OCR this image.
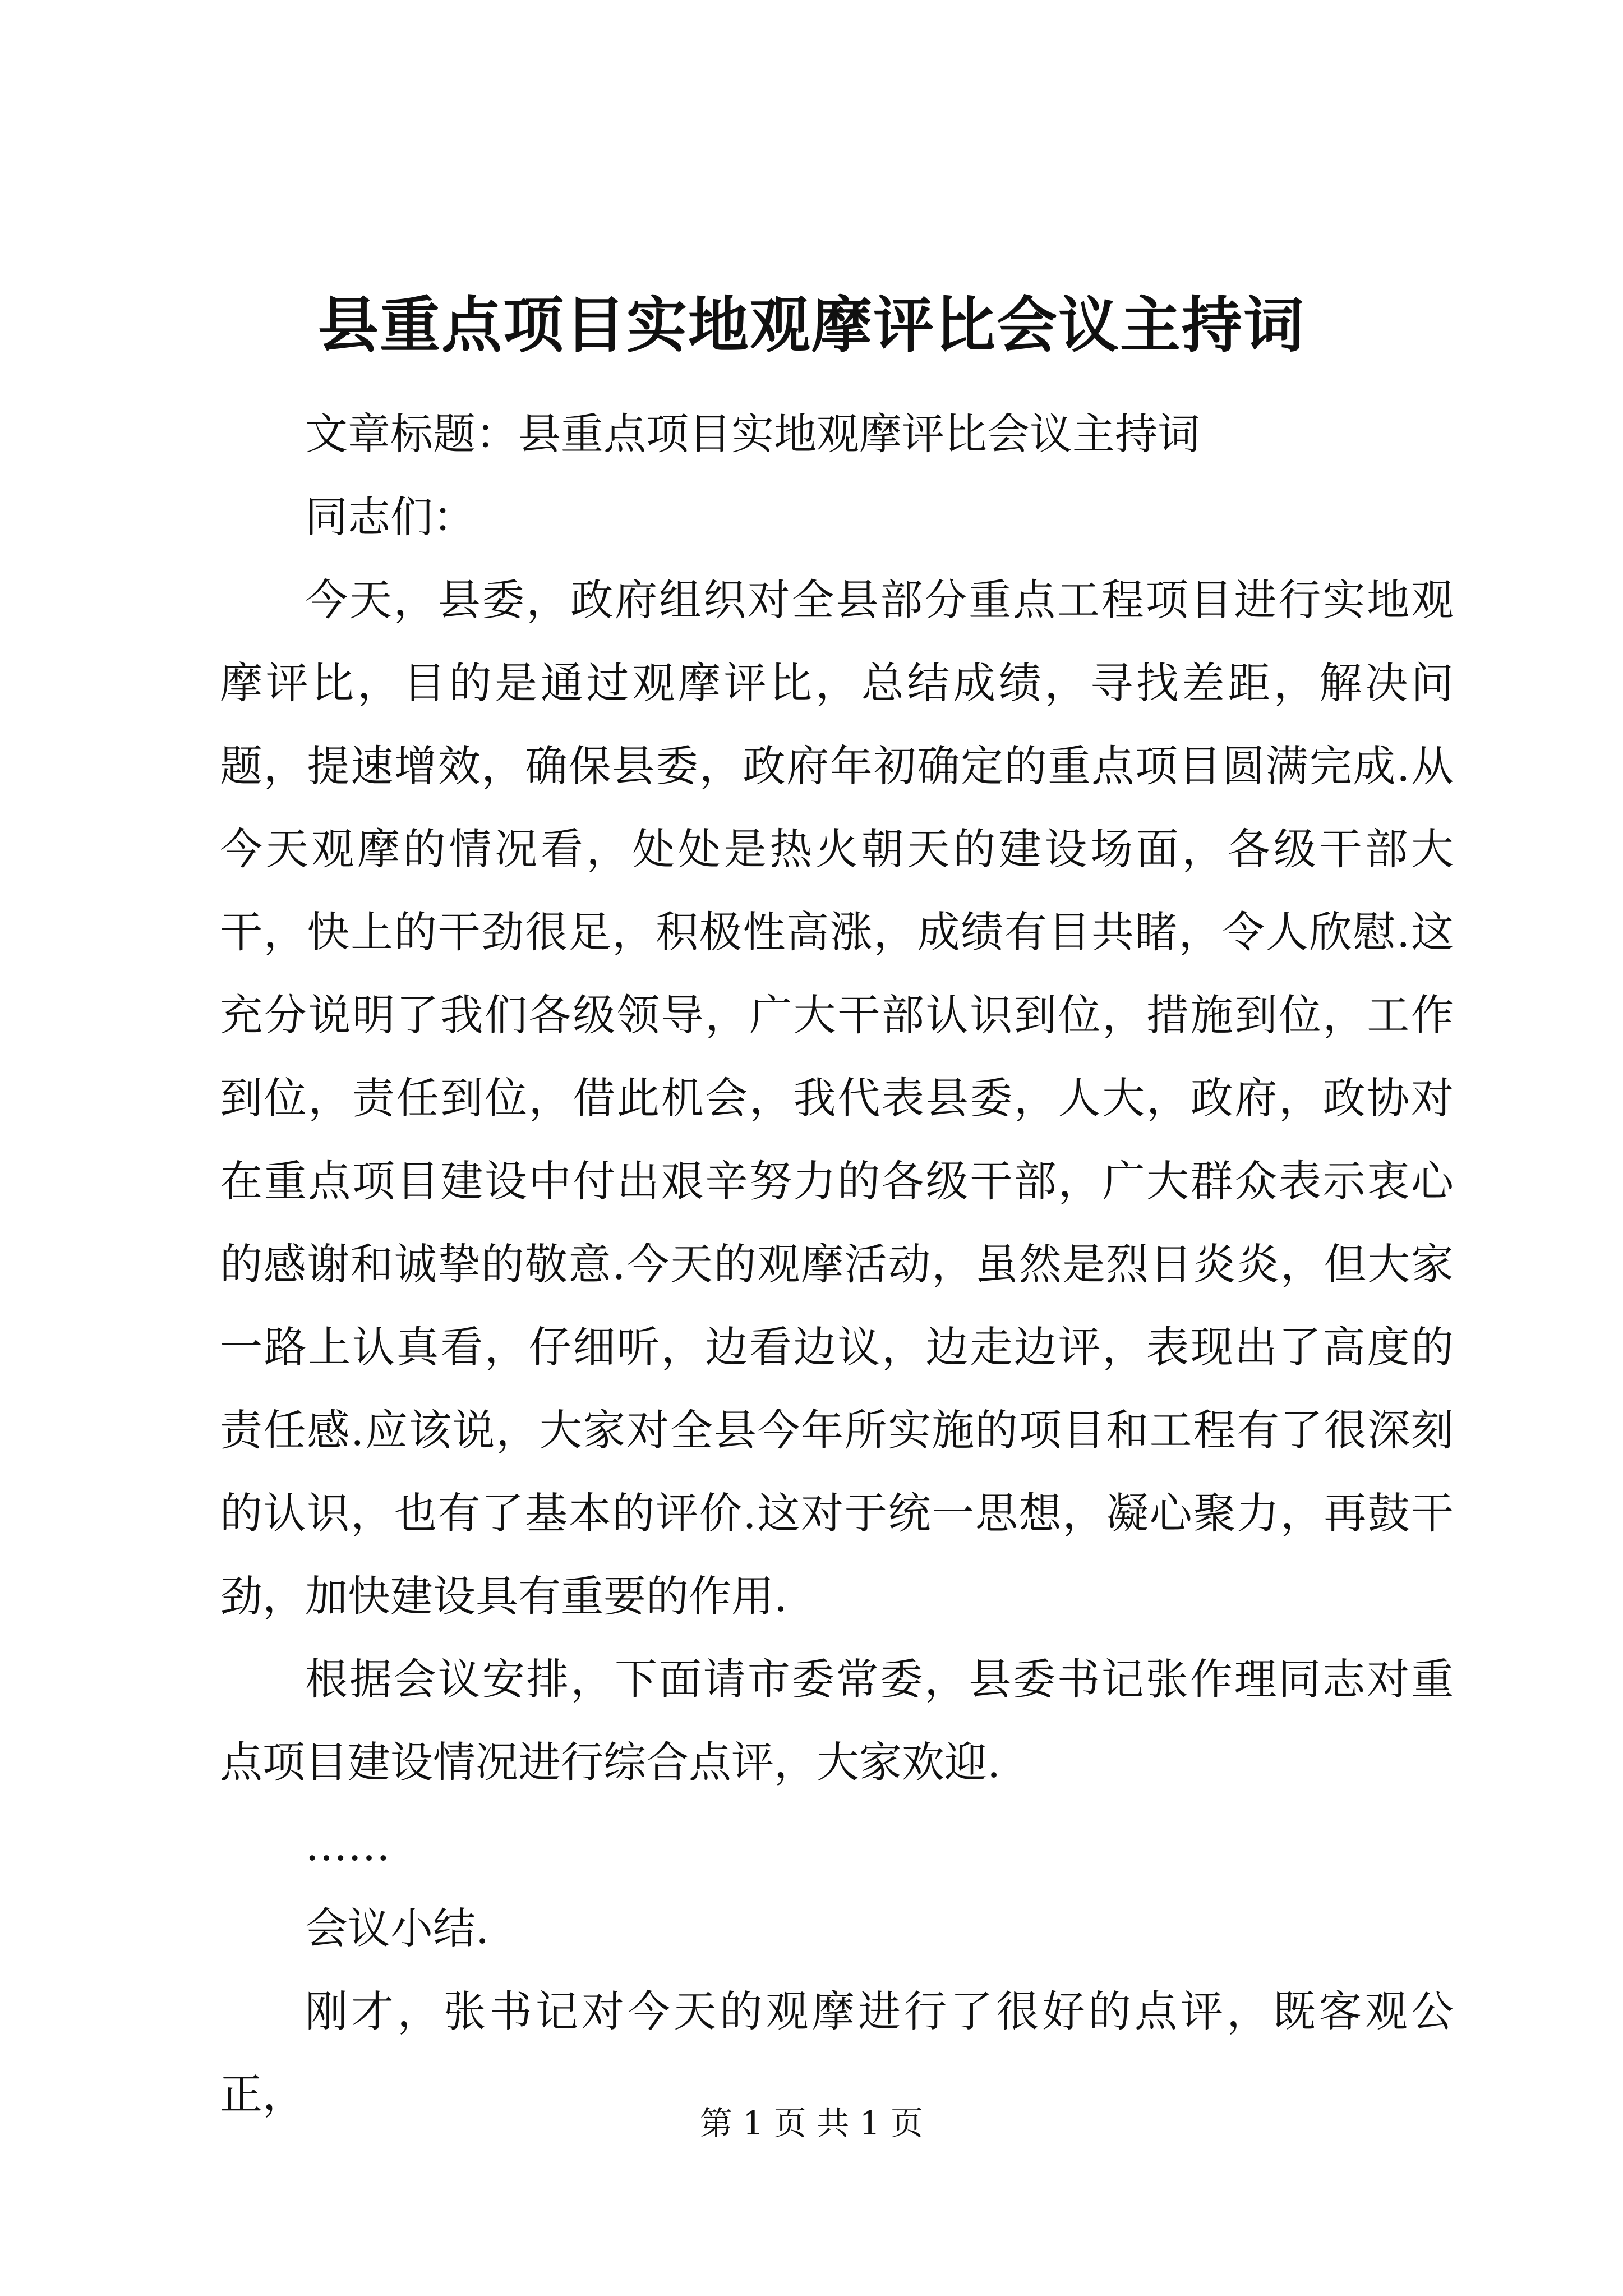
县重点项目实地观摩评比会议主持词

文章标题：县重点项目实地观摩评比会议主持词

同志们：

今天，县委，政府组织对全县部分重点工程项目进行实地观摩评比，目的是通过观摩评比，总结成绩，寻找差距，解决问题，提速增效，确保县委，政府年初确定的重点项目圆满完成.从今天观摩的情况看，处处是热火朝天的建设场面，各级干部大干，快上的干劲很足，积极性高涨，成绩有目共睹，令人欣慰.这充分说明了我们各级领导，广大干部认识到位，措施到位，工作到位，责任到位，借此机会，我代表县委，人大，政府，政协对在重点项目建设中付出艰辛努力的各级干部，广大群众表示衷心的感谢和诚挚的敬意.今天的观摩活动，虽然是烈日炎炎，但大家一路上认真看，仔细听，边看边议，边走边评，表现出了高度的责任感.应该说，大家对全县今年所实施的项目和工程有了很深刻的认识，也有了基本的评价.这对于统一思想，凝心聚力，再鼓干劲，加快建设具有重要的作用.

根据会议安排，下面请市委常委，县委书记张作理同志对重点项目建设情况进行综合点评，大家欢迎.

……

会议小结.

刚才，张书记对今天的观摩进行了很好的点评，既客观公正，

第 1 页 共 1 页
